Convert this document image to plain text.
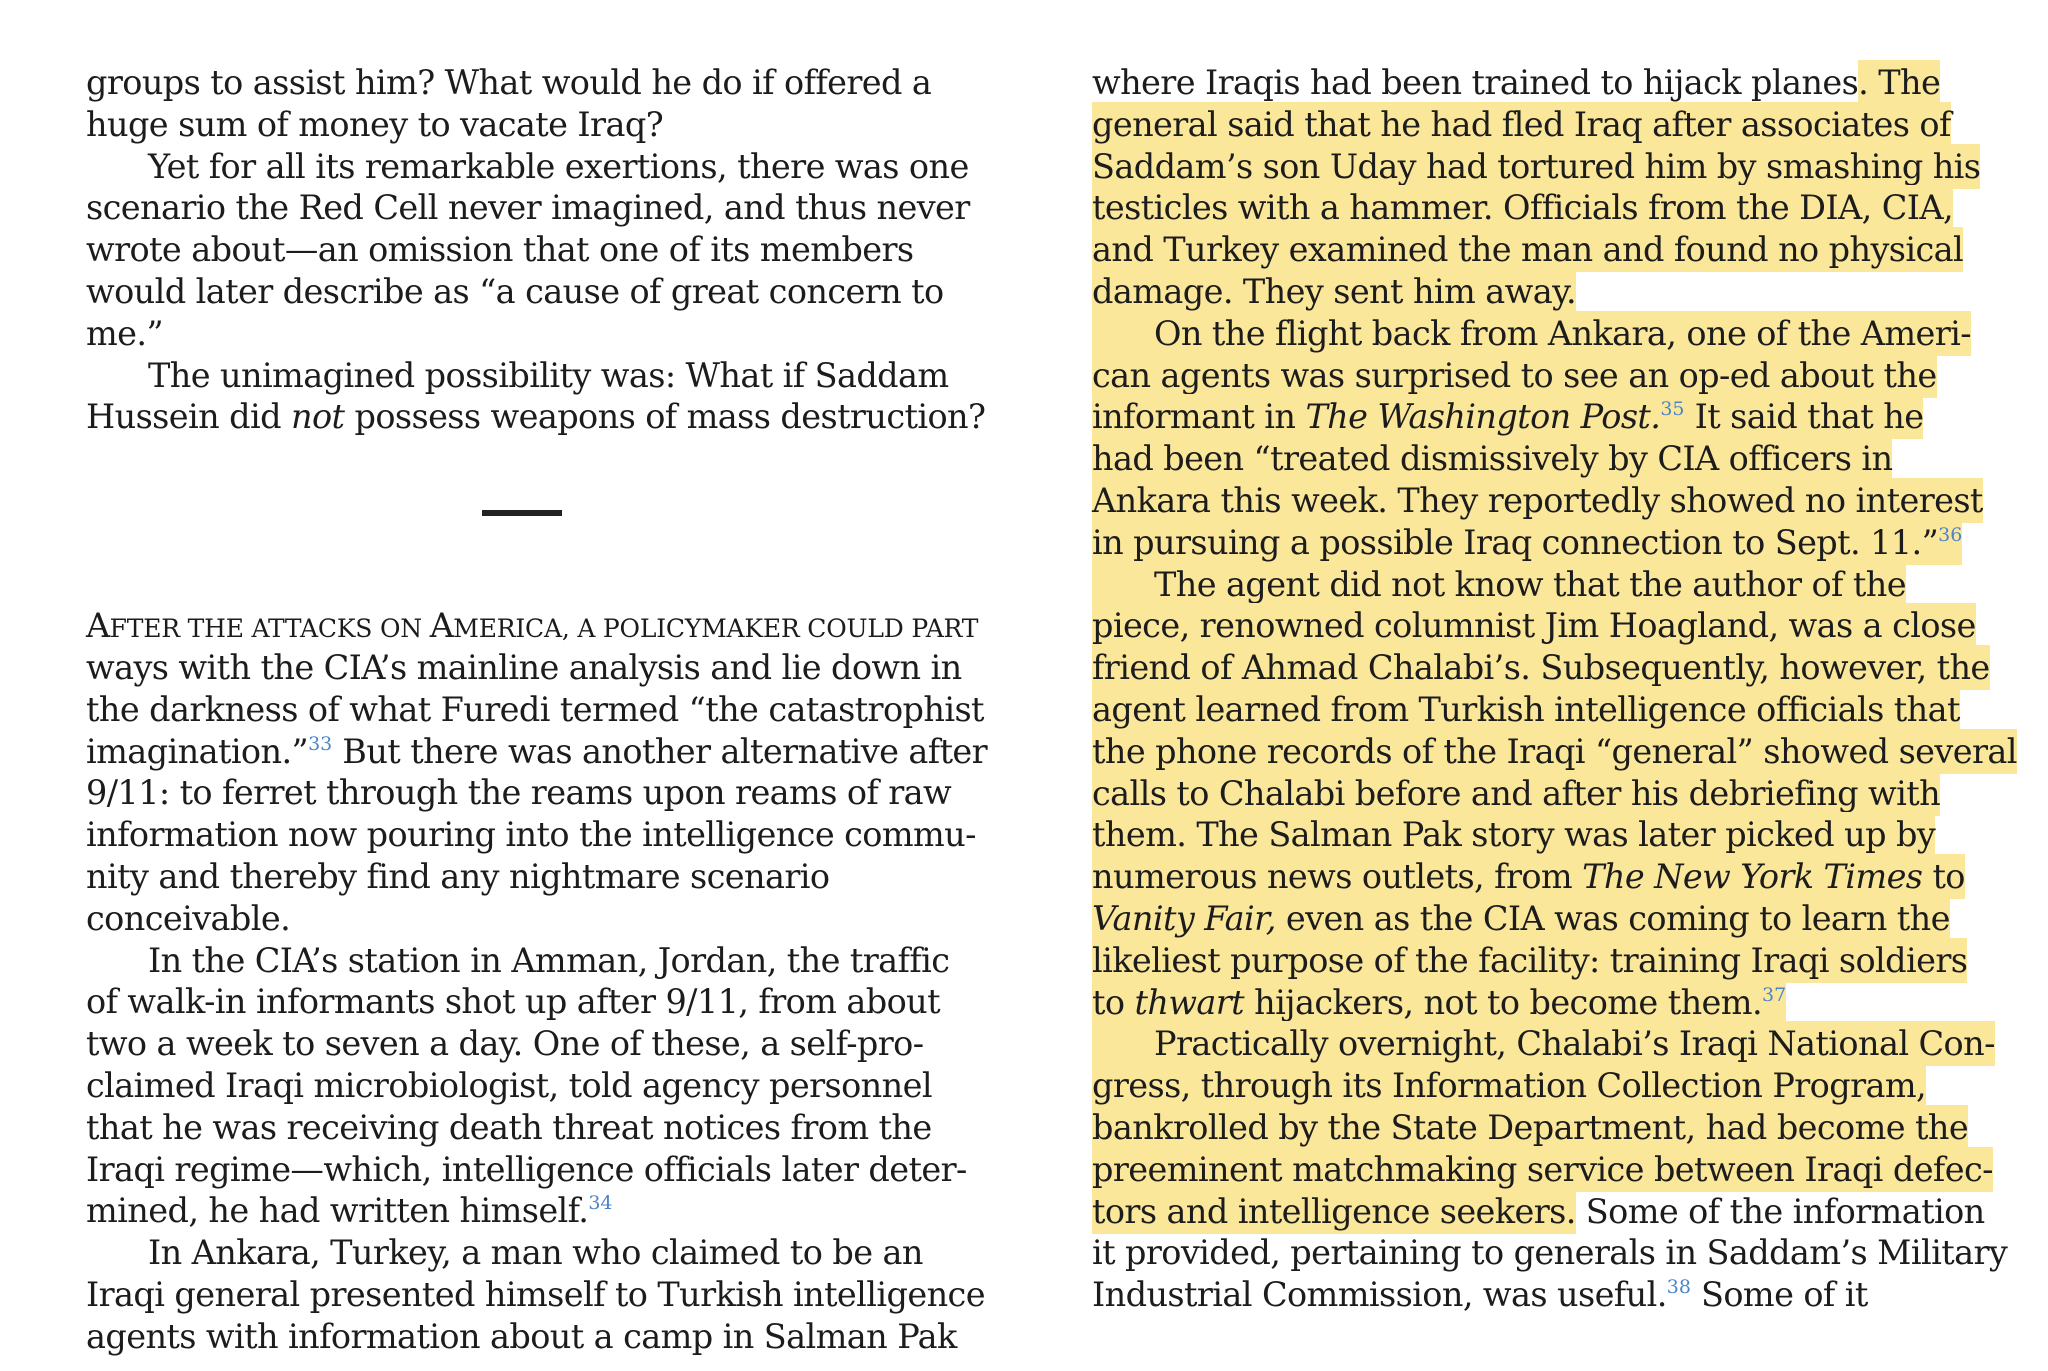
groups to assist him? What would he do if offered a
huge sum of money to vacate Iraq?
Yet for all its remarkable exertions, there was one
scenario the Red Cell never imagined, and thus never
wrote about—an omission that one of its members
would later describe as “a cause of great concern to
me.”
The unimagined possibility was: What if Saddam
Hussein did not possess weapons of mass destruction?
AFTER THE ATTACKS ON AMERICA, A POLICYMAKER COULD PART
ways with the CIA’s mainline analysis and lie down in
the darkness of what Furedi termed “the catastrophist
imagination.”$^{33}$ But there was another alternative after
9/11: to ferret through the reams upon reams of raw
information now pouring into the intelligence commu-
nity and thereby find any nightmare scenario
conceivable.
In the CIA’s station in Amman, Jordan, the traffic
of walk-in informants shot up after 9/11, from about
two a week to seven a day. One of these, a self-pro-
claimed Iraqi microbiologist, told agency personnel
that he was receiving death threat notices from the
Iraqi regime—which, intelligence officials later deter-
mined, he had written himself.$^{34}$
In Ankara, Turkey, a man who claimed to be an
Iraqi general presented himself to Turkish intelligence
agents with information about a camp in Salman Pak
where Iraqis had been trained to hijack planes. The
general said that he had fled Iraq after associates of
Saddam’s son Uday had tortured him by smashing his
testicles with a hammer. Officials from the DIA, CIA,
and Turkey examined the man and found no physical
damage. They sent him away.
On the flight back from Ankara, one of the Ameri-
can agents was surprised to see an op-ed about the
informant in The Washington Post.$^{35}$ It said that he
had been “treated dismissively by CIA officers in
Ankara this week. They reportedly showed no interest
in pursuing a possible Iraq connection to Sept. 11.”$^{36}$
The agent did not know that the author of the
piece, renowned columnist Jim Hoagland, was a close
friend of Ahmad Chalabi’s. Subsequently, however, the
agent learned from Turkish intelligence officials that
the phone records of the Iraqi “general” showed several
calls to Chalabi before and after his debriefing with
them. The Salman Pak story was later picked up by
numerous news outlets, from The New York Times to
Vanity Fair, even as the CIA was coming to learn the
likeliest purpose of the facility: training Iraqi soldiers
to thwart hijackers, not to become them.$^{37}$
Practically overnight, Chalabi’s Iraqi National Con-
gress, through its Information Collection Program,
bankrolled by the State Department, had become the
preeminent matchmaking service between Iraqi defec-
tors and intelligence seekers. Some of the information
it provided, pertaining to generals in Saddam’s Military
Industrial Commission, was useful.$^{38}$ Some of it
